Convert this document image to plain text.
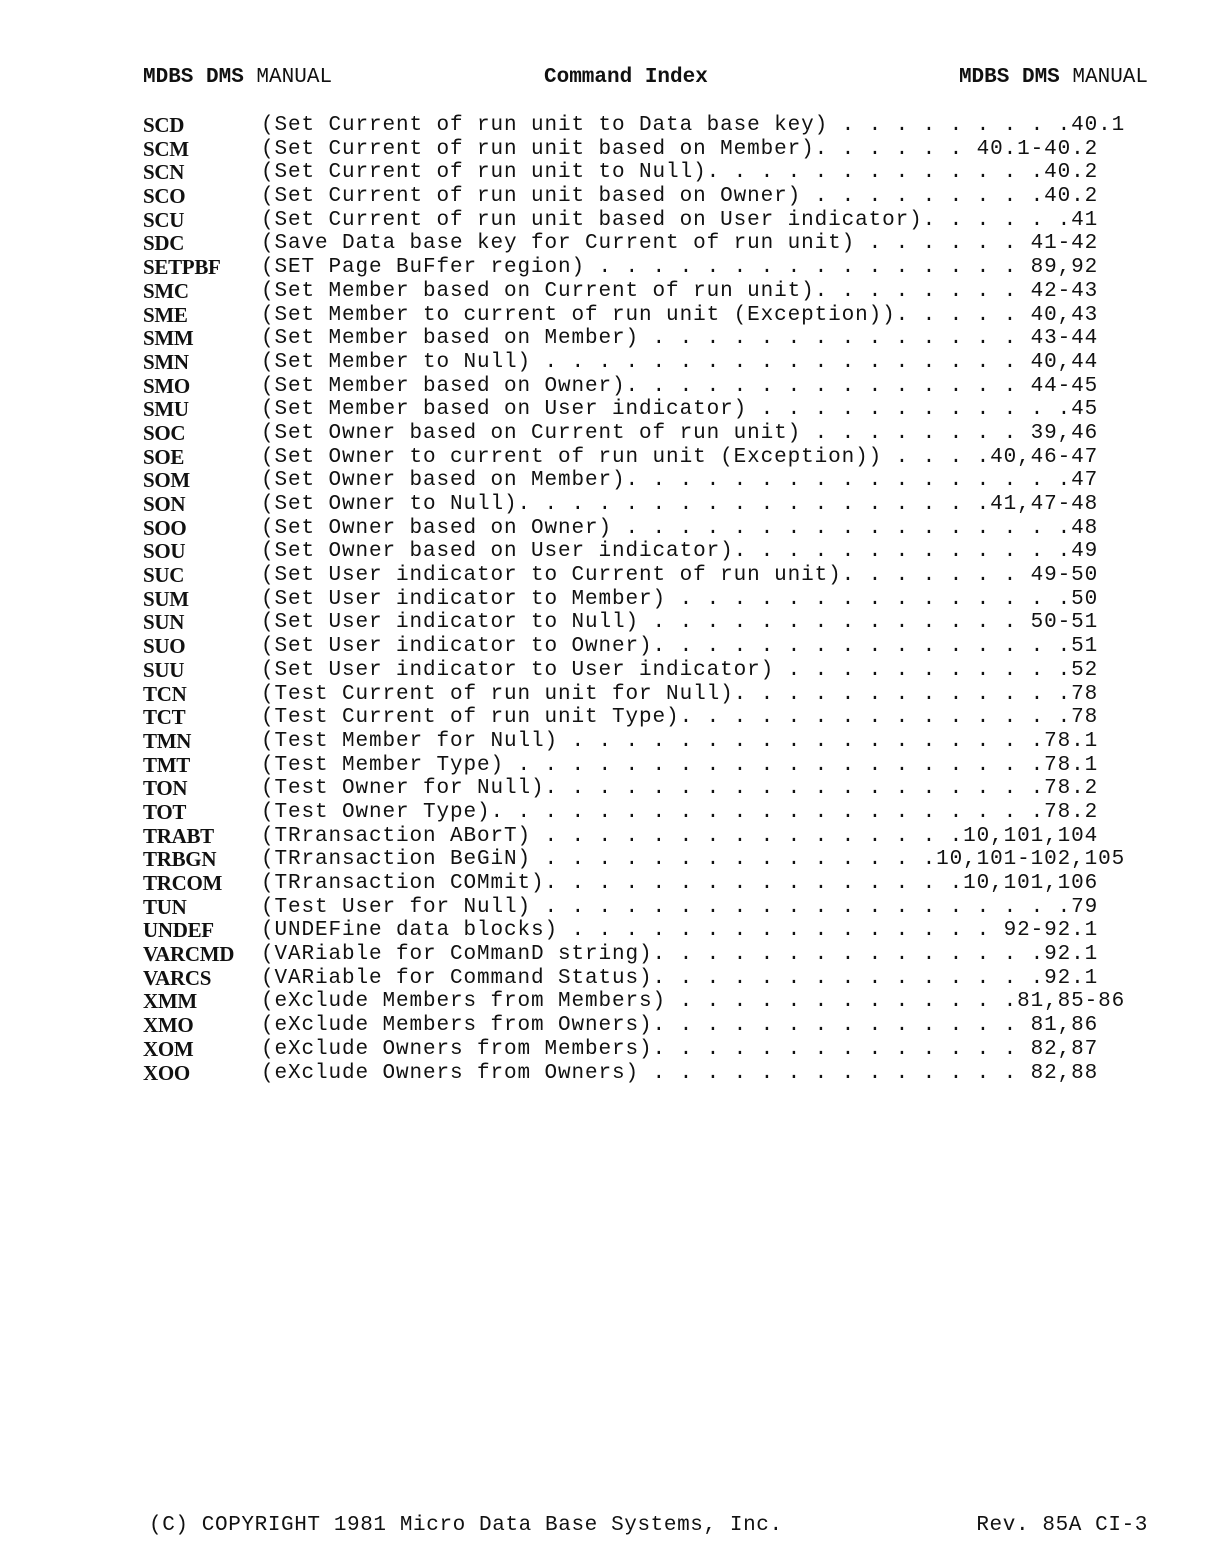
MDBS DMS MANUAL	Command Index	MDBS DMS MANUAL
SCD	(Set Current of run unit to Data base key) . . . . . . . . .40.1
SCM	(Set Current of run unit based on Member). . . . . . 40.1-40.2
SCN	(Set Current of run unit to Null). . . . . . . . . . . . .40.2
SCO	(Set Current of run unit based on Owner) . . . . . . . . .40.2
SCU	(Set Current of run unit based on User indicator). . . . . .41
SDC	(Save Data base key for Current of run unit) . . . . . . 41-42
SETPBF (SET Page BuFfer region) . . . . . . . . . . . . . . . . 89,92
SMC	(Set Member based on Current of run unit). . . . . . . . 42-43
SME	(Set Member to current of run unit (Exception)). . . . . 40,43
SMM	(Set Member based on Member) . . . . . . . . . . . . . . 43-44
SMN	(Set Member to Null) . . . . . . . . . . . . . . . . . . 40,44
SMO	(Set Member based on Owner). . . . . . . . . . . . . . . 44-45
SMU	(Set Member based on User indicator) . . . . . . . . . . . .45
SOC	(Set Owner based on Current of run unit) . . . . . . . . 39,46
SOE	(Set Owner to current of run unit (Exception)) . . . .40,46-47
SOM	(Set Owner based on Member). . . . . . . . . . . . . . . . .47
SON	(Set Owner to Null). . . . . . . . . . . . . . . . . .41,47-48
SOO	(Set Owner based on Owner) . . . . . . . . . . . . . . . . .48
SOU	(Set Owner based on User indicator). . . . . . . . . . . . .49
SUC	(Set User indicator to Current of run unit). . . . . . . 49-50
SUM	(Set User indicator to Member) . . . . . . . . . . . . . . .50
SUN	(Set User indicator to Null) . . . . . . . . . . . . . . 50-51
SUO	(Set User indicator to Owner). . . . . . . . . . . . . . . .51
SUU	(Set User indicator to User indicator) . . . . . . . . . . .52
TCN	(Test Current of run unit for Null). . . . . . . . . . . . .78
TCT	(Test Current of run unit Type). . . . . . . . . . . . . . .78
TMN	(Test Member for Null) . . . . . . . . . . . . . . . . . .78.1
TMT	(Test Member Type) . . . . . . . . . . . . . . . . . . . .78.1
TON	(Test Owner for Null). . . . . . . . . . . . . . . . . . .78.2
TOT	(Test Owner Type). . . . . . . . . . . . . . . . . . . . .78.2
TRABT (TRransaction ABorT) . . . . . . . . . . . . . . . .10,101,104
TRBGN (TRransaction BeGiN) . . . . . . . . . . . . . . .10,101-102,105
TRCOM (TRransaction COMmit). . . . . . . . . . . . . . . .10,101,106
TUN	(Test User for Null) . . . . . . . . . . . . . . . . . . . .79
UNDEF (UNDEFine data blocks) . . . . . . . . . . . . . . . . 92-92.1
VARCMD (VARiable for CoMmanD string). . . . . . . . . . . . . . .92.1
VARCS (VARiable for Command Status). . . . . . . . . . . . . . .92.1
XMM	(eXclude Members from Members) . . . . . . . . . . . . .81,85-86
XMO	(eXclude Members from Owners). . . . . . . . . . . . . . 81,86
XOM	(eXclude Owners from Members). . . . . . . . . . . . . . 82,87
XOO	(eXclude Owners from Owners) . . . . . . . . . . . . . . 82,88
(C) COPYRIGHT 1981 Micro Data Base Systems, Inc.	Rev. 85A CI-3
